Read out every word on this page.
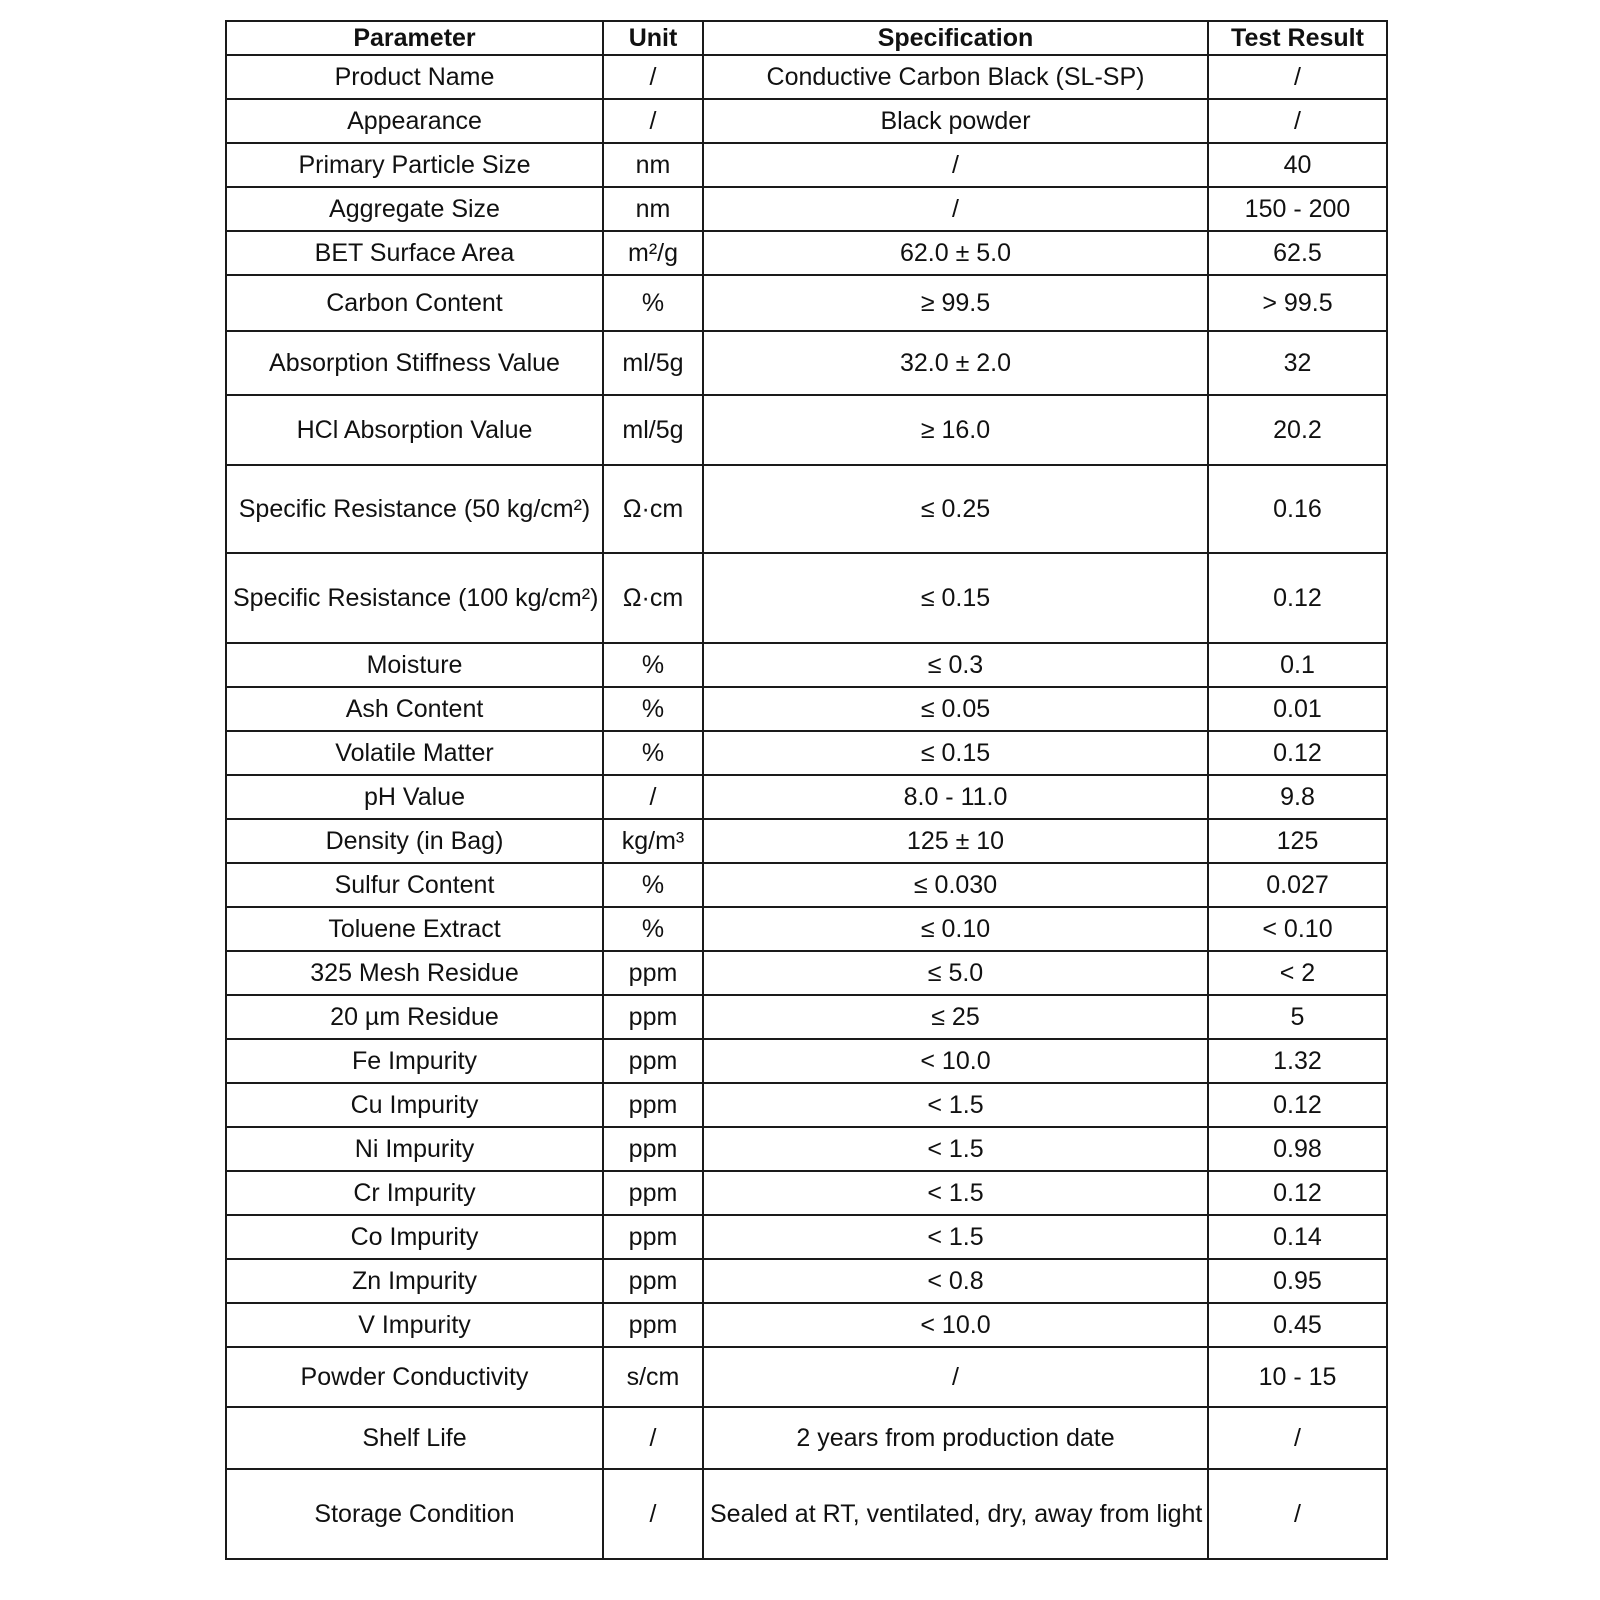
Parameter	Unit	Specification	Test Result
Product Name	/	Conductive Carbon Black (SL-SP)	/
Appearance	/	Black powder	/
Primary Particle Size	nm	/	40
Aggregate Size	nm	/	150 - 200
BET Surface Area	m²/g	62.0 ± 5.0	62.5
Carbon Content	%	≥ 99.5	> 99.5
Absorption Stiffness Value	ml/5g	32.0 ± 2.0	32
HCl Absorption Value	ml/5g	≥ 16.0	20.2
Specific Resistance (50 kg/cm²)	Ω·cm	≤ 0.25	0.16
Specific Resistance (100 kg/cm²)	Ω·cm	≤ 0.15	0.12
Moisture	%	≤ 0.3	0.1
Ash Content	%	≤ 0.05	0.01
Volatile Matter	%	≤ 0.15	0.12
pH Value	/	8.0 - 11.0	9.8
Density (in Bag)	kg/m³	125 ± 10	125
Sulfur Content	%	≤ 0.030	0.027
Toluene Extract	%	≤ 0.10	< 0.10
325 Mesh Residue	ppm	≤ 5.0	< 2
20 µm Residue	ppm	≤ 25	5
Fe Impurity	ppm	< 10.0	1.32
Cu Impurity	ppm	< 1.5	0.12
Ni Impurity	ppm	< 1.5	0.98
Cr Impurity	ppm	< 1.5	0.12
Co Impurity	ppm	< 1.5	0.14
Zn Impurity	ppm	< 0.8	0.95
V Impurity	ppm	< 10.0	0.45
Powder Conductivity	s/cm	/	10 - 15
Shelf Life	/	2 years from production date	/
Storage Condition	/	Sealed at RT, ventilated, dry, away from light	/
